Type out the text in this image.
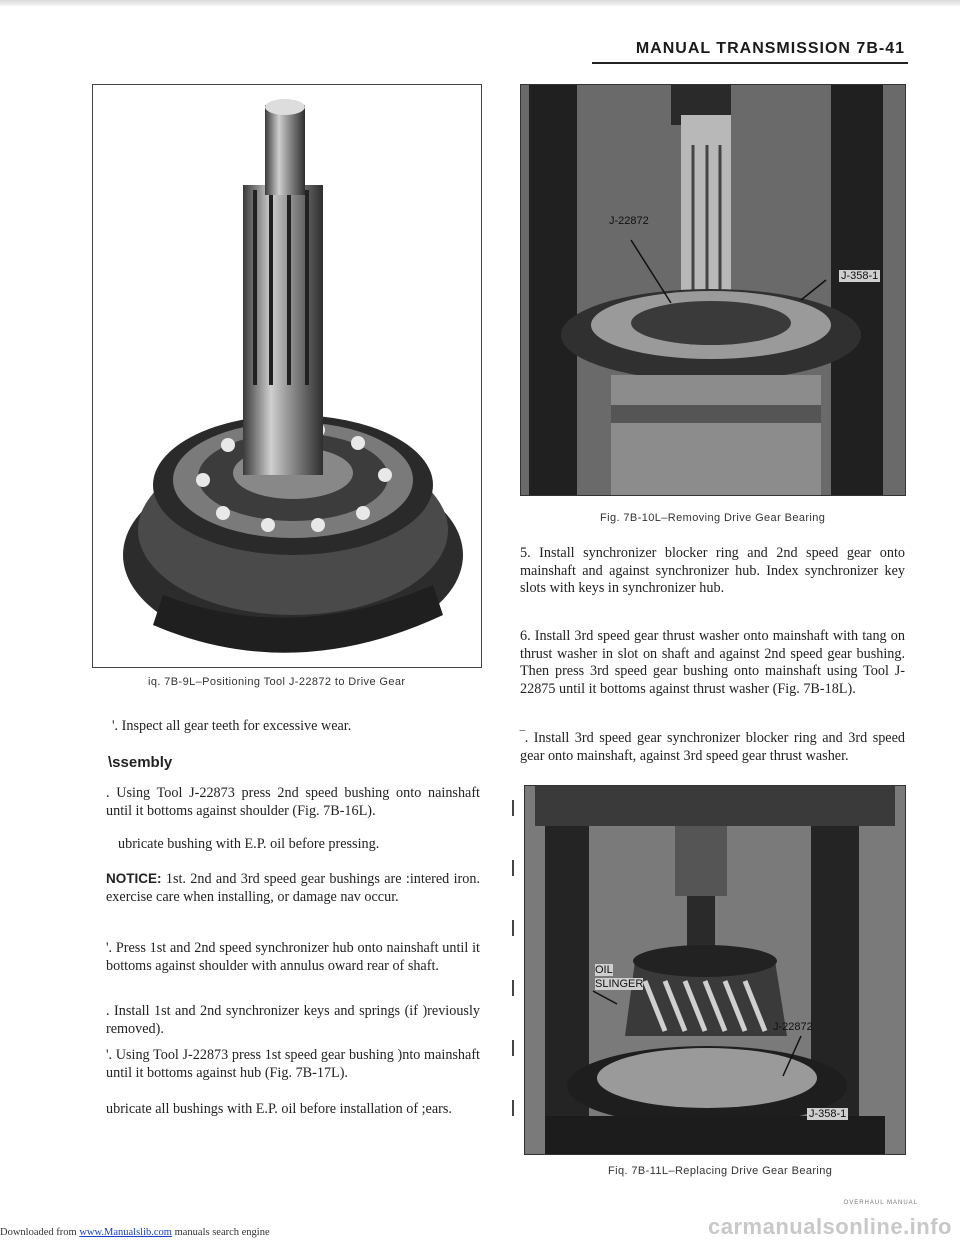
ΜANUAL TRANSMISSION 7B-41
iq. 7B-9L–Positioning Tool J-22872 to Drive Gear
J-22872
J-358-1
Fig. 7B-10L–Removing Drive Gear Bearing
5. Install synchronizer blocker ring and 2nd speed gear onto mainshaft and against synchronizer hub. Index synchronizer key slots with keys in synchronizer hub.
6. Install 3rd speed gear thrust washer onto mainshaft with tang on thrust washer in slot on shaft and against 2nd speed gear bushing. Then press 3rd speed gear bushing onto mainshaft using Tool J-22875 until it bottoms against thrust washer (Fig. 7B-18L).
‾. Install 3rd speed gear synchronizer blocker ring and 3rd speed gear onto mainshaft, against 3rd speed gear thrust washer.
OIL
SLINGER
J-22872
J-358-1
Fiq. 7B-11L–Replacing Drive Gear Bearing
'. Inspect all gear teeth for excessive wear.
\ssembly
. Using Tool J-22873 press 2nd speed bushing onto nainshaft until it bottoms against shoulder (Fig. 7B-16L).
ubricate bushing with E.P. oil before pressing.
NOTICE: 1st. 2nd and 3rd speed gear bushings are :intered iron. exercise care when installing, or damage nav occur.
'. Press 1st and 2nd speed synchronizer hub onto nainshaft until it bottoms against shoulder with annulus oward rear of shaft.
. Install 1st and 2nd synchronizer keys and springs (if )reviously removed).
'. Using Tool J-22873 press 1st speed gear bushing )nto mainshaft until it bottoms against hub (Fig. 7B-17L).
ubricate all bushings with E.P. oil before installation of ;ears.
Downloaded from www.Manualslib.com manuals search engine
OVERHAUL MANUAL
carmanualsonline.info
